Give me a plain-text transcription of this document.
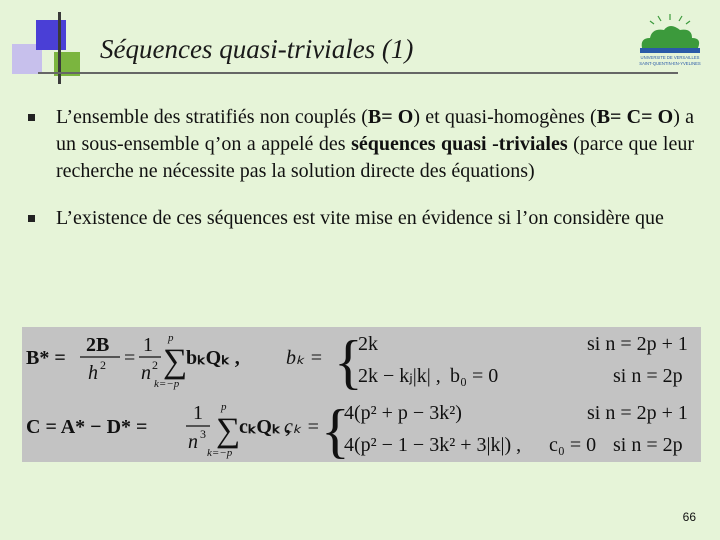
Séquences quasi-triviales (1)	UNIVERSITE DE VERSAILLES
SAINT-QUENTIN-EN-YVELINES
L’ensemble des stratifiés non couplés (B= O) et quasi-homogènes (B= C= O) a un sous-ensemble q’on a appelé des séquences quasi -triviales (parce que leur recherche ne nécessite pas la solution directe des équations)
L’existence de ces séquences est vite mise en évidence si l’on considère que
B* =
2B
h 2 =
1
n 2
p
∑
k=−p
bₖQₖ , bₖ = {
2k
2k − kⱼ|k| , b₀ = 0
si n = 2p + 1
si n = 2p
C = A* − D* =
1
n 3
p
∑
k=−p
cₖQₖ ,
cₖ = {
4(p² + p − 3k²)
4(p² − 1 − 3k² + 3|k|) , c₀ = 0
si n = 2p + 1
si n = 2p
66
